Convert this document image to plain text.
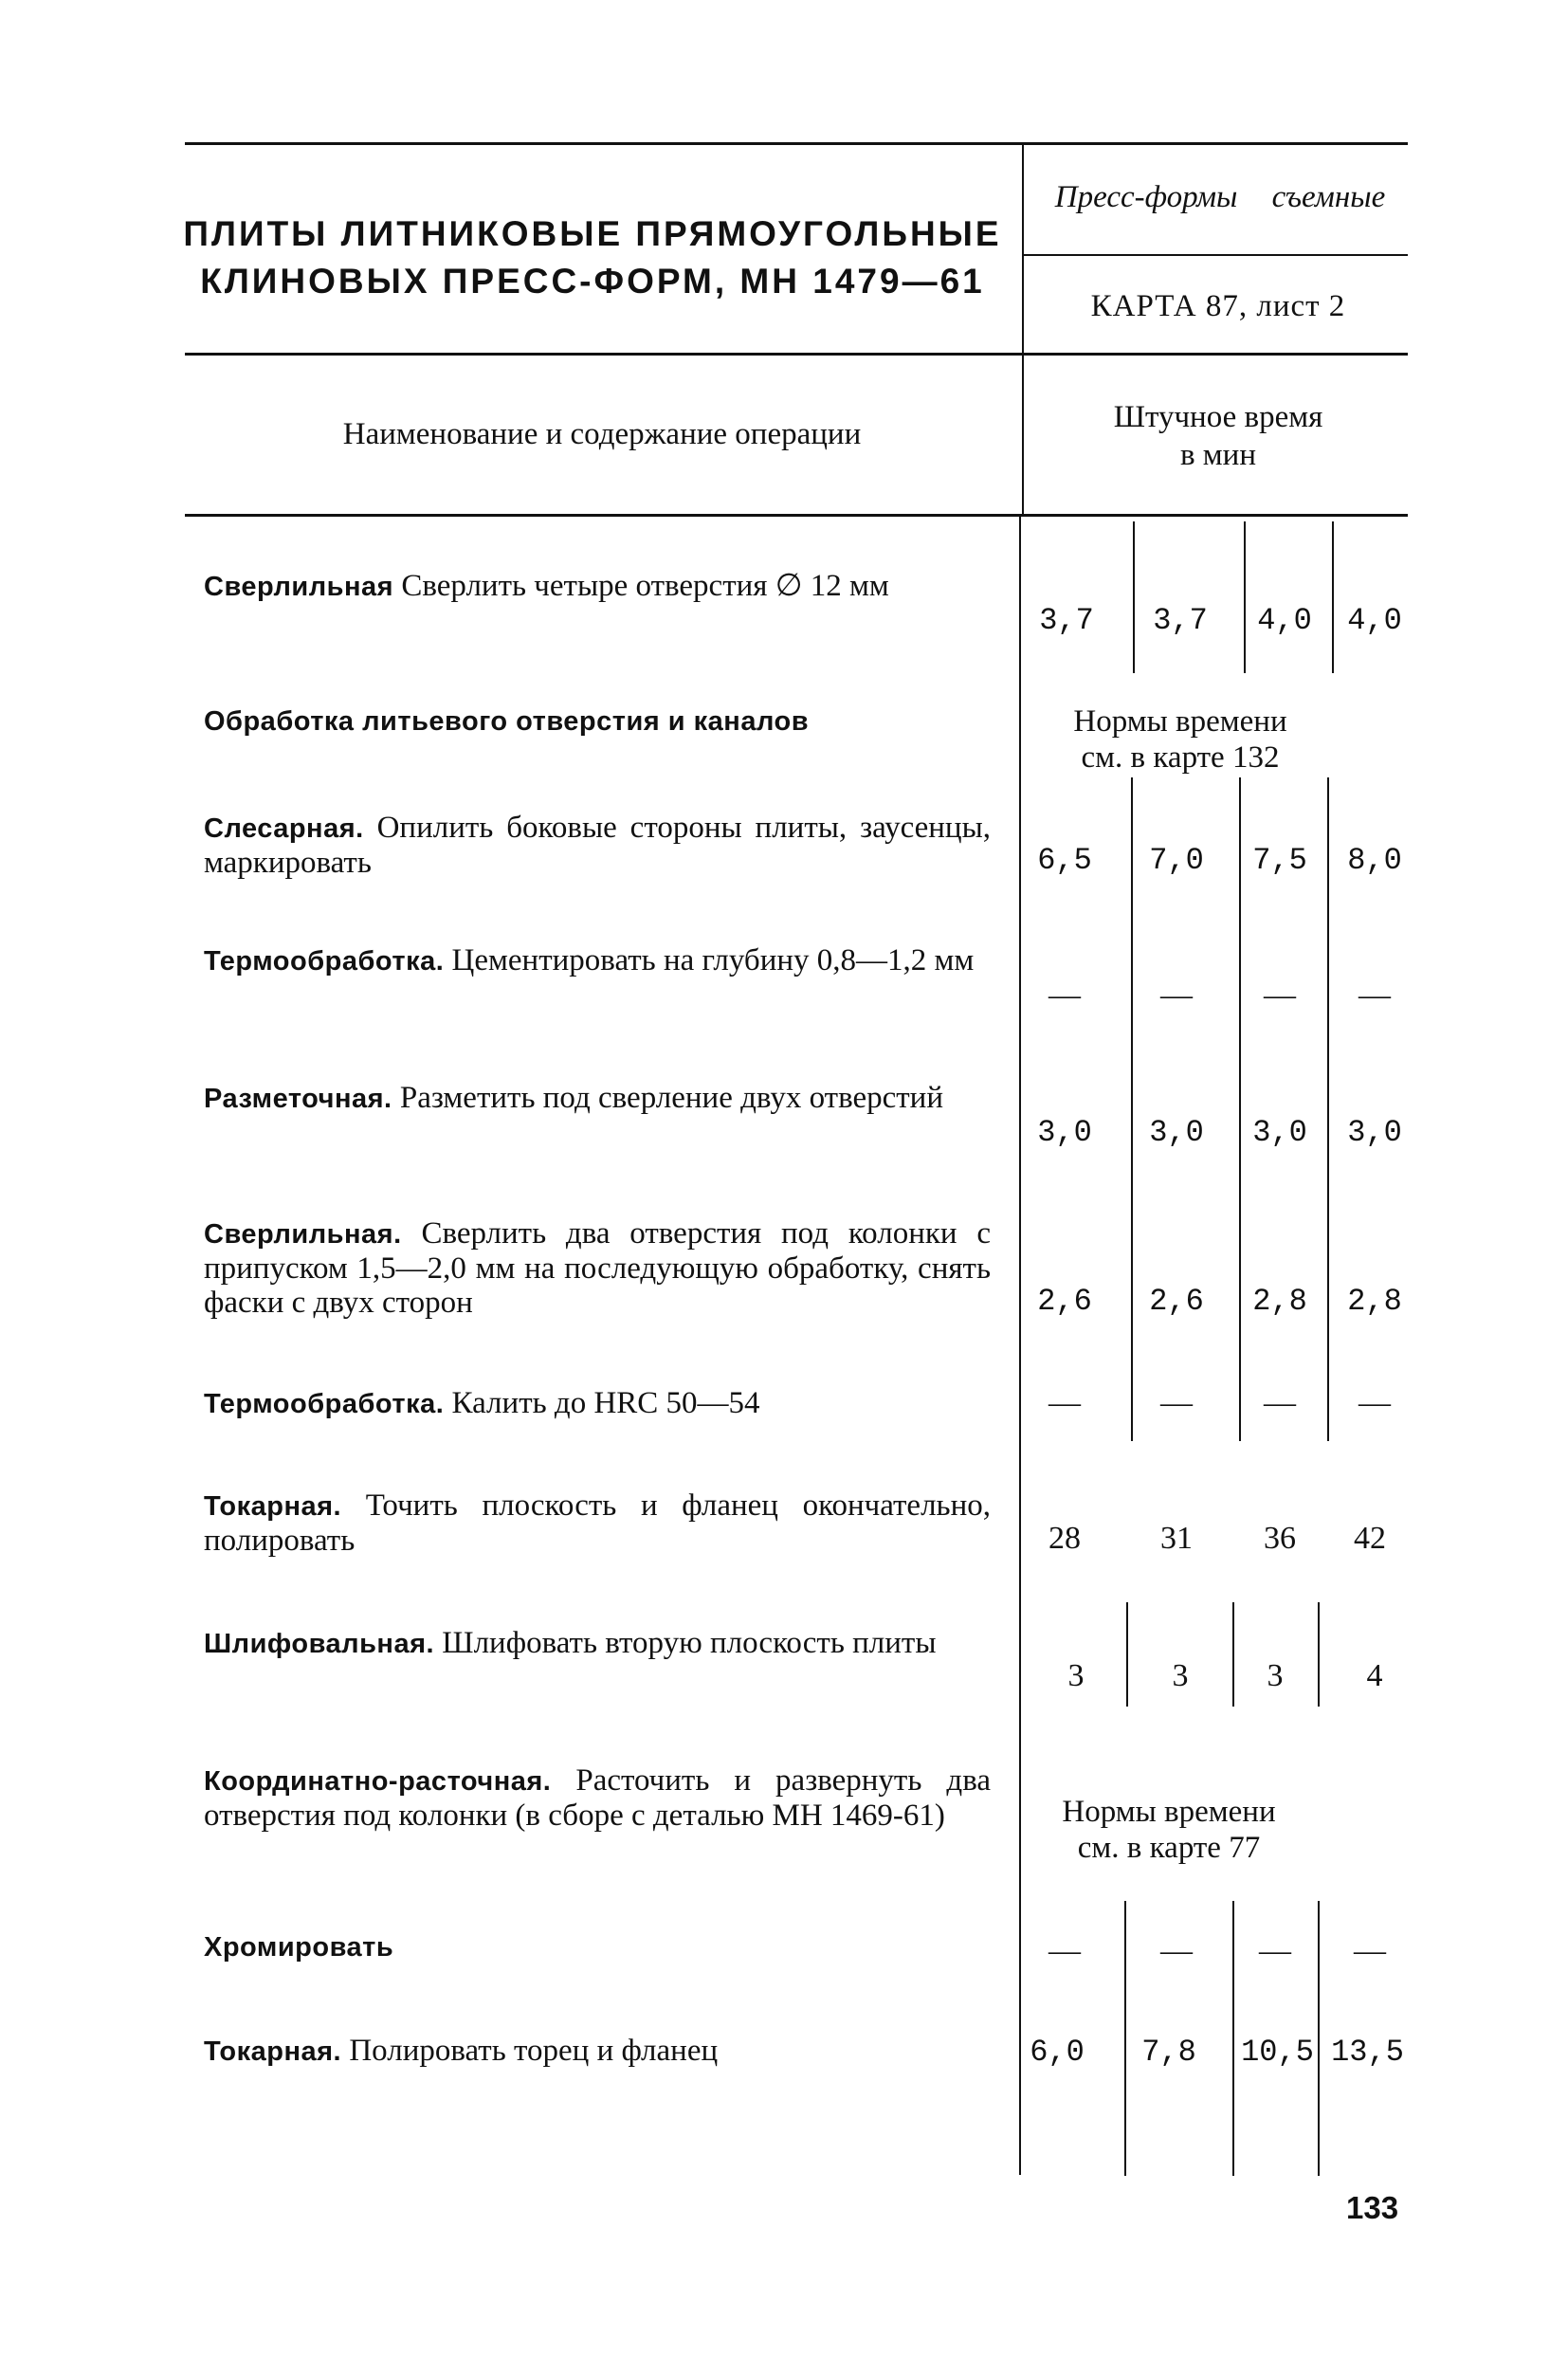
ПЛИТЫ ЛИТНИКОВЫЕ ПРЯМОУГОЛЬНЫЕ
КЛИНОВЫХ ПРЕСС-ФОРМ, МН 1479—61
Пресс-формы съемные
КАРТА 87, лист 2
Наименование и содержание операции	Штучное время
в мин
Сверлильная Сверлить четыре отверстия ∅ 12 мм
3,7	3,7	4,0	4,0
Обработка литьевого отверстия и каналов	Нормы времени
см. в карте 132
Слесарная. Опилить боковые стороны плиты, заусенцы, маркировать	6,5	7,0	7,5	8,0
Термообработка. Цементировать на глубину 0,8—1,2 мм
—	—	—	—
Разметочная. Разметить под сверление двух отверстий
3,0	3,0	3,0	3,0
Сверлильная. Сверлить два отверстия под колонки с припуском 1,5—2,0 мм на последующую обработку, снять фаски с двух сторон	2,6	2,6	2,8	2,8
Термообработка. Калить до HRC 50—54	—	—	—	—
Токарная. Точить плоскость и фланец окончательно, полировать	28	31	36	42
Шлифовальная. Шлифовать вторую плоскость плиты
3	3	3	4
Координатно-расточная. Расточить и развернуть два отверстия под колонки (в сборе с деталью МН 1469-61)	Нормы времени
см. в карте 77
Хромировать	—	—	—	—
Токарная. Полировать торец и фланец	6,0	7,8	10,5 13,5
133
